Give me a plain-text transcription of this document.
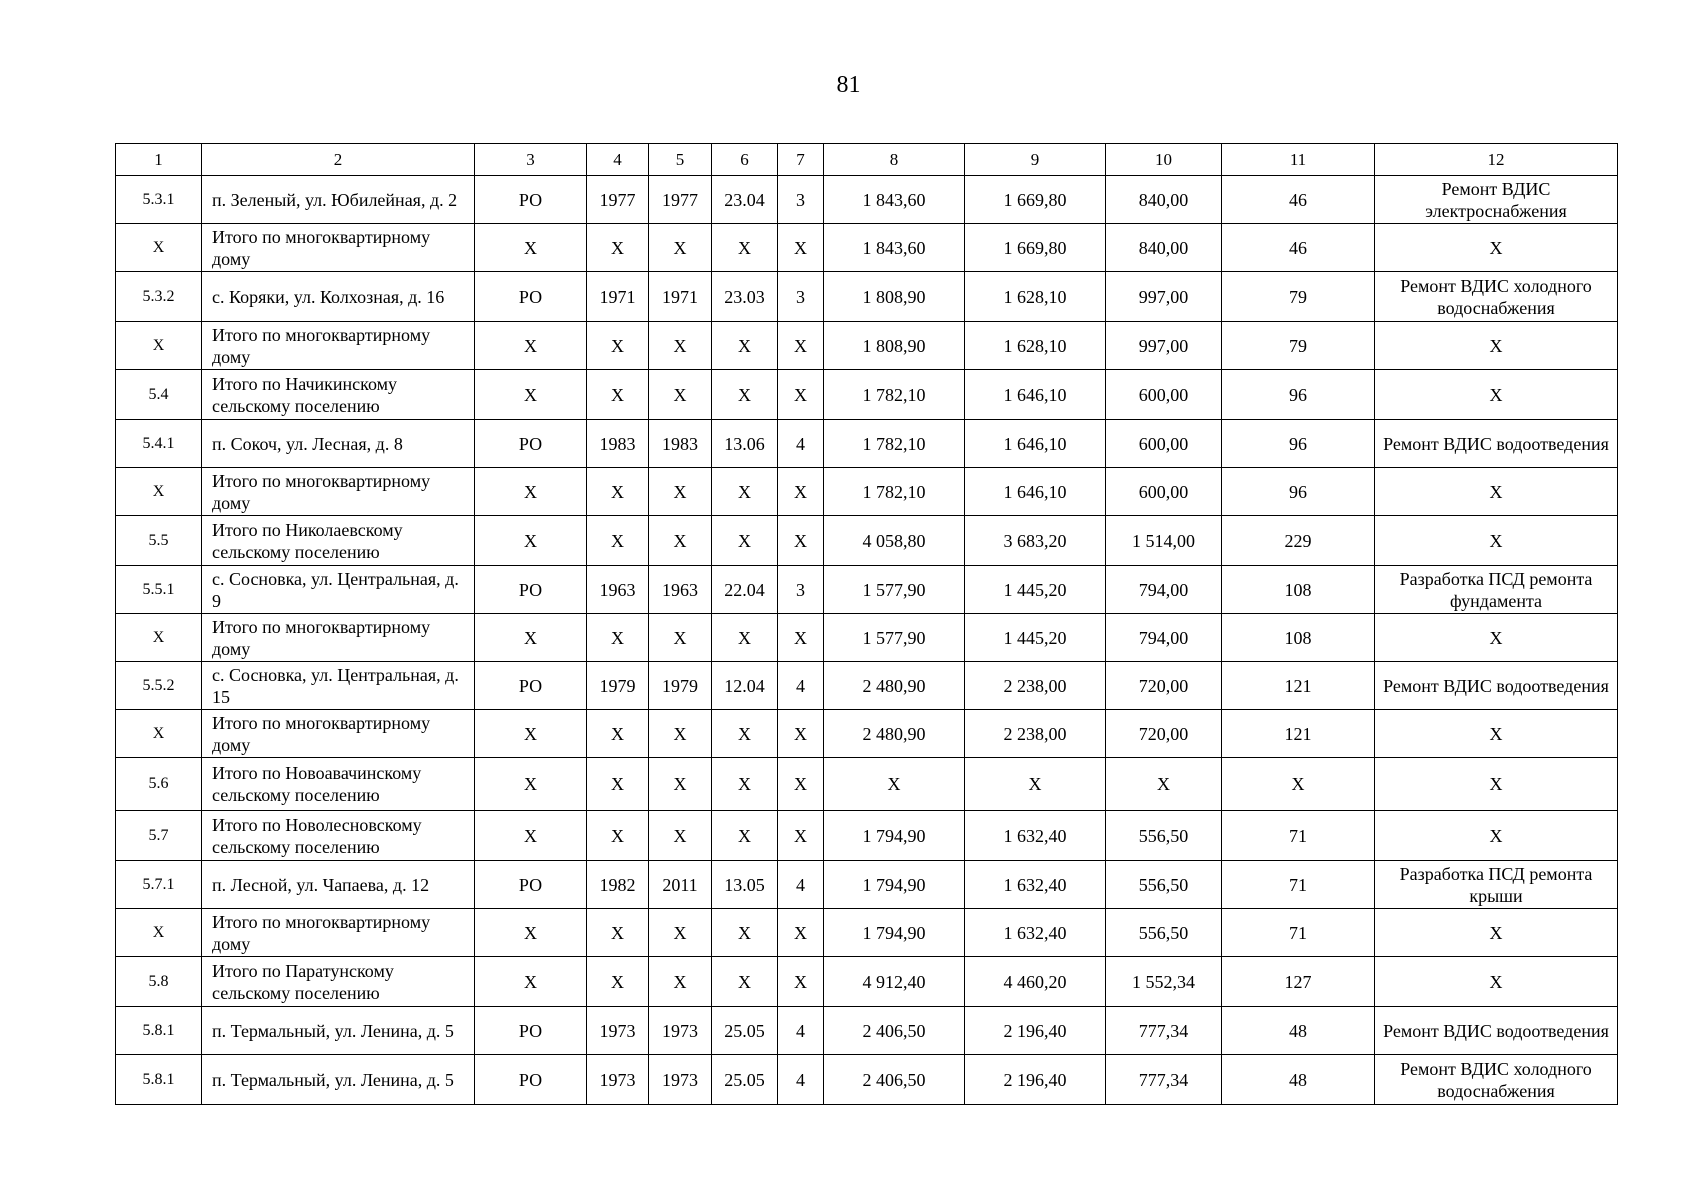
81
1	2	3	4	5	6	7	8	9	10	11	12
5.3.1	п. Зеленый, ул. Юбилейная, д. 2	РО	1977	1977	23.04	3	1 843,60	1 669,80	840,00	46	Ремонт ВДИС электроснабжения
X	Итого по многоквартирному дому	X	X	X	X	X	1 843,60	1 669,80	840,00	46	X
5.3.2	с. Коряки, ул. Колхозная, д. 16	РО	1971	1971	23.03	3	1 808,90	1 628,10	997,00	79	Ремонт ВДИС холодного водоснабжения
X	Итого по многоквартирному дому	X	X	X	X	X	1 808,90	1 628,10	997,00	79	X
5.4	Итого по Начикинскому сельскому поселению	X	X	X	X	X	1 782,10	1 646,10	600,00	96	X
5.4.1	п. Сокоч, ул. Лесная, д. 8	РО	1983	1983	13.06	4	1 782,10	1 646,10	600,00	96	Ремонт ВДИС водоотведения
X	Итого по многоквартирному дому	X	X	X	X	X	1 782,10	1 646,10	600,00	96	X
5.5	Итого по Николаевскому сельскому поселению	X	X	X	X	X	4 058,80	3 683,20	1 514,00	229	X
5.5.1	с. Сосновка, ул. Центральная, д. 9	РО	1963	1963	22.04	3	1 577,90	1 445,20	794,00	108	Разработка ПСД ремонта фундамента
X	Итого по многоквартирному дому	X	X	X	X	X	1 577,90	1 445,20	794,00	108	X
5.5.2	с. Сосновка, ул. Центральная, д. 15	РО	1979	1979	12.04	4	2 480,90	2 238,00	720,00	121	Ремонт ВДИС водоотведения
X	Итого по многоквартирному дому	X	X	X	X	X	2 480,90	2 238,00	720,00	121	X
5.6	Итого по Новоавачинскому сельскому поселению	X	X	X	X	X	X	X	X	X	X
5.7	Итого по Новолесновскому сельскому поселению	X	X	X	X	X	1 794,90	1 632,40	556,50	71	X
5.7.1	п. Лесной, ул. Чапаева, д. 12	РО	1982	2011	13.05	4	1 794,90	1 632,40	556,50	71	Разработка ПСД ремонта крыши
X	Итого по многоквартирному дому	X	X	X	X	X	1 794,90	1 632,40	556,50	71	X
5.8	Итого по Паратунскому сельскому поселению	X	X	X	X	X	4 912,40	4 460,20	1 552,34	127	X
5.8.1	п. Термальный, ул. Ленина, д. 5	РО	1973	1973	25.05	4	2 406,50	2 196,40	777,34	48	Ремонт ВДИС водоотведения
5.8.1	п. Термальный, ул. Ленина, д. 5	РО	1973	1973	25.05	4	2 406,50	2 196,40	777,34	48	Ремонт ВДИС холодного водоснабжения
